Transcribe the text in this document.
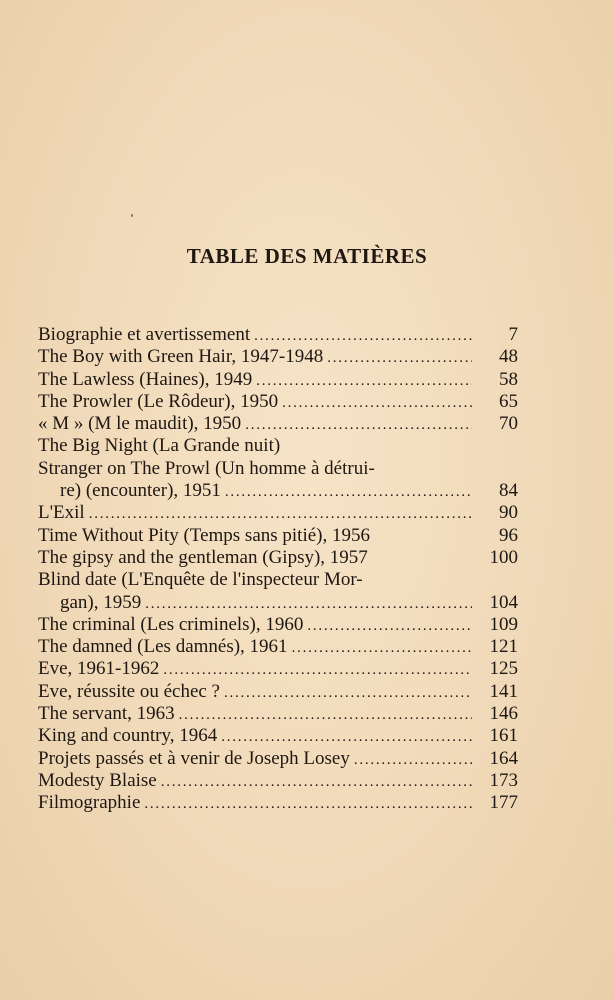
TABLE DES MATIÈRES
Biographie et avertissement . . .	7
The Boy with Green Hair, 1947-1948 . . .	48
The Lawless (Haines), 1949 . . .	58
The Prowler (Le Rôdeur), 1950 . . .	65
« M » (M le maudit), 1950 . . .	70
The Big Night (La Grande nuit)
Stranger on The Prowl (Un homme à détrui-
re) (encounter), 1951 . . .	84
L'Exil . . .	90
Time Without Pity (Temps sans pitié), 1956	96
The gipsy and the gentleman (Gipsy), 1957	100
Blind date (L'Enquête de l'inspecteur Mor-
gan), 1959 . . .	104
The criminal (Les criminels), 1960 . . .	109
The damned (Les damnés), 1961 . . .	121
Eve, 1961-1962 . . .	125
Eve, réussite ou échec ? . . .	141
The servant, 1963 . . .	146
King and country, 1964 . . .	161
Projets passés et à venir de Joseph Losey . . .	164
Modesty Blaise . . .	173
Filmographie . . .	177
